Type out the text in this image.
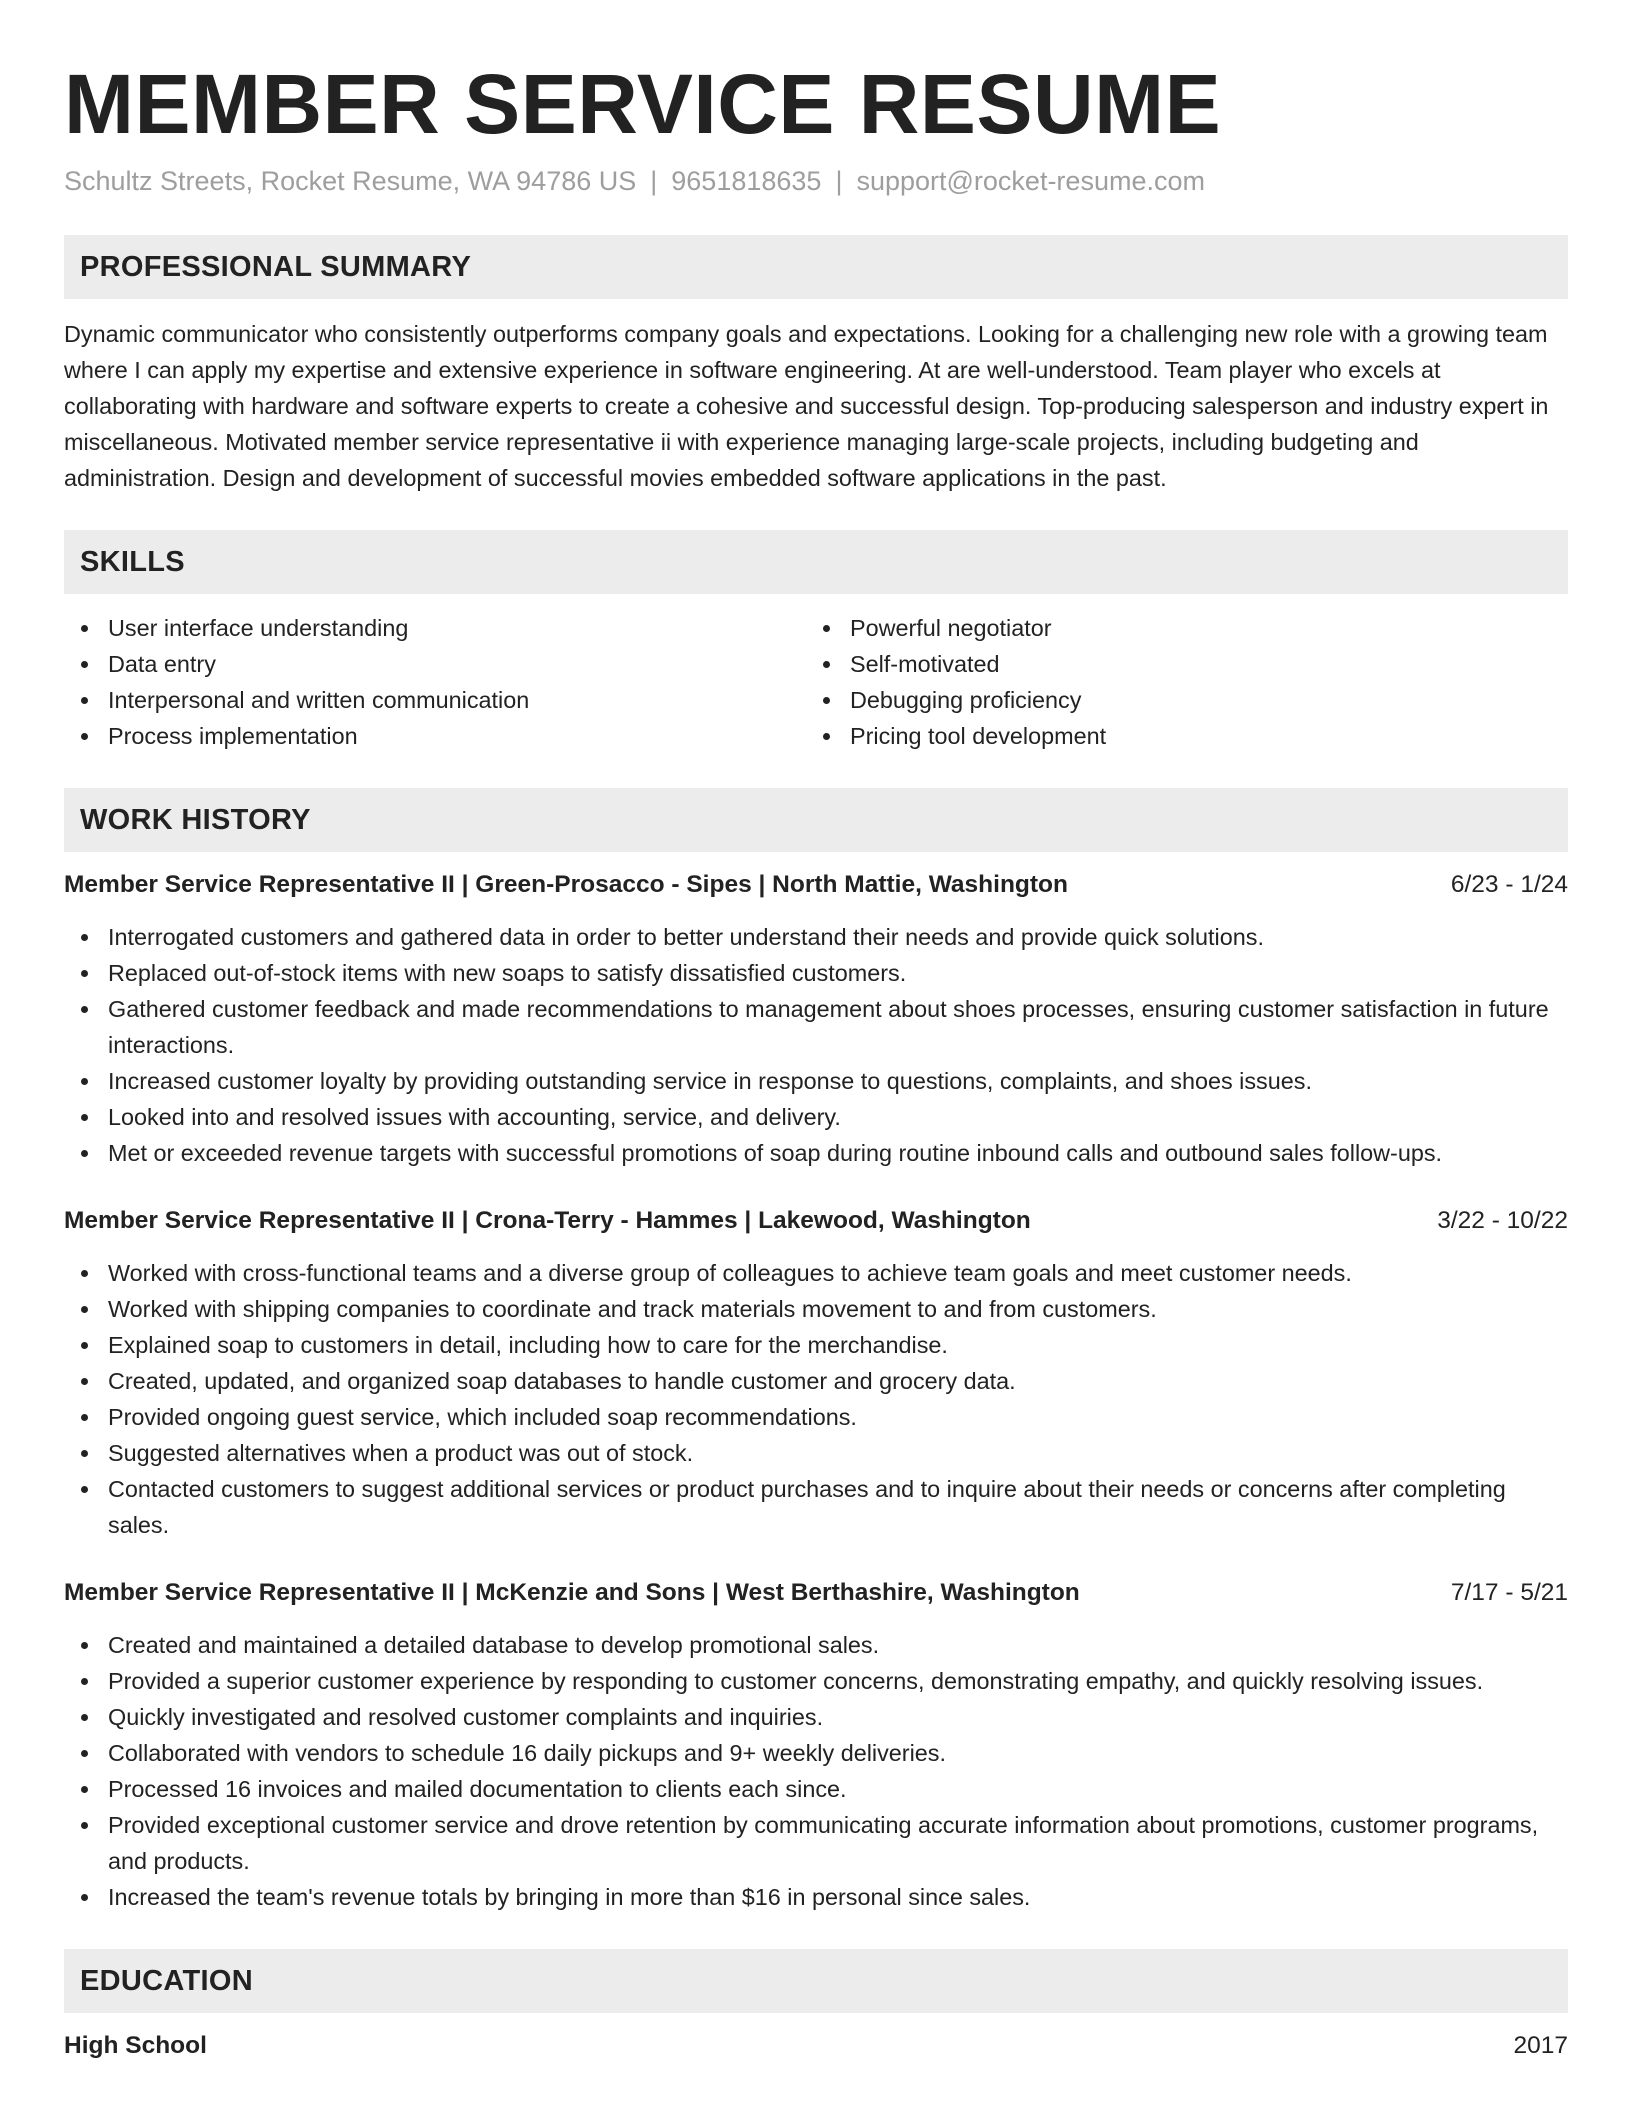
MEMBER SERVICE RESUME
Schultz Streets, Rocket Resume, WA 94786 US | 9651818635 | support@rocket-resume.com
PROFESSIONAL SUMMARY
Dynamic communicator who consistently outperforms company goals and expectations. Looking for a challenging new role with a growing team where I can apply my expertise and extensive experience in software engineering. At are well-understood. Team player who excels at collaborating with hardware and software experts to create a cohesive and successful design. Top-producing salesperson and industry expert in miscellaneous. Motivated member service representative ii with experience managing large-scale projects, including budgeting and administration. Design and development of successful movies embedded software applications in the past.
SKILLS
User interface understanding
Data entry
Interpersonal and written communication
Process implementation
Powerful negotiator
Self-motivated
Debugging proficiency
Pricing tool development
WORK HISTORY
Member Service Representative II | Green-Prosacco - Sipes | North Mattie, Washington	6/23 - 1/24
Interrogated customers and gathered data in order to better understand their needs and provide quick solutions.
Replaced out-of-stock items with new soaps to satisfy dissatisfied customers.
Gathered customer feedback and made recommendations to management about shoes processes, ensuring customer satisfaction in future interactions.
Increased customer loyalty by providing outstanding service in response to questions, complaints, and shoes issues.
Looked into and resolved issues with accounting, service, and delivery.
Met or exceeded revenue targets with successful promotions of soap during routine inbound calls and outbound sales follow-ups.
Member Service Representative II | Crona-Terry - Hammes | Lakewood, Washington	3/22 - 10/22
Worked with cross-functional teams and a diverse group of colleagues to achieve team goals and meet customer needs.
Worked with shipping companies to coordinate and track materials movement to and from customers.
Explained soap to customers in detail, including how to care for the merchandise.
Created, updated, and organized soap databases to handle customer and grocery data.
Provided ongoing guest service, which included soap recommendations.
Suggested alternatives when a product was out of stock.
Contacted customers to suggest additional services or product purchases and to inquire about their needs or concerns after completing sales.
Member Service Representative II | McKenzie and Sons | West Berthashire, Washington	7/17 - 5/21
Created and maintained a detailed database to develop promotional sales.
Provided a superior customer experience by responding to customer concerns, demonstrating empathy, and quickly resolving issues.
Quickly investigated and resolved customer complaints and inquiries.
Collaborated with vendors to schedule 16 daily pickups and 9+ weekly deliveries.
Processed 16 invoices and mailed documentation to clients each since.
Provided exceptional customer service and drove retention by communicating accurate information about promotions, customer programs, and products.
Increased the team's revenue totals by bringing in more than $16 in personal since sales.
EDUCATION
High School	2017
